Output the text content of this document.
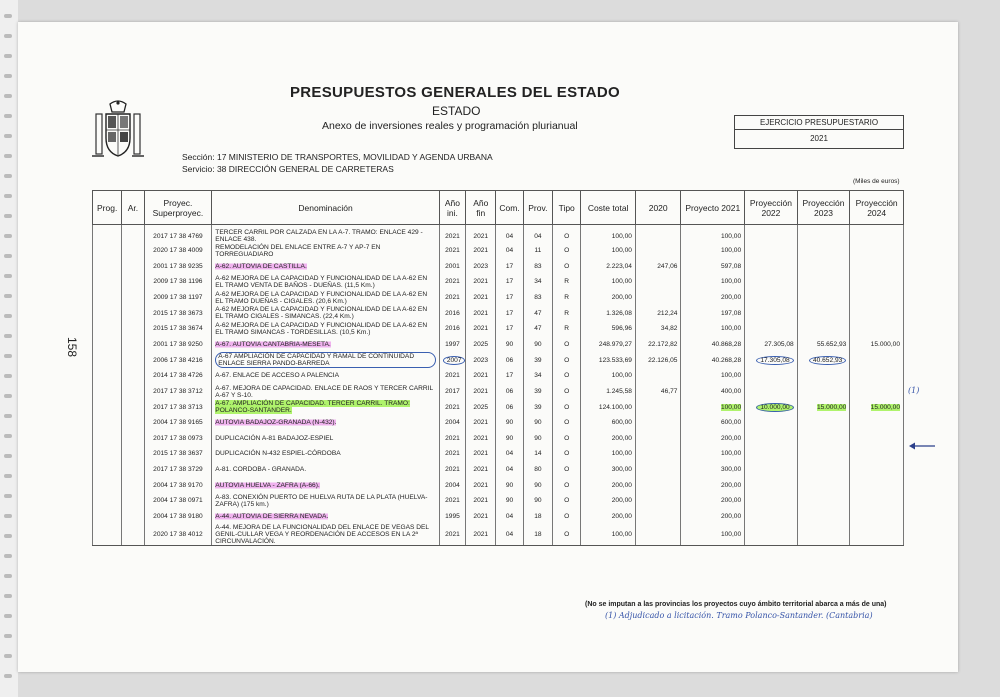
158
PRESUPUESTOS GENERALES DEL ESTADO
ESTADO
Anexo de inversiones reales y programación plurianual	EJERCICIO PRESUPUESTARIO
2021
Sección: 17 MINISTERIO DE TRANSPORTES, MOVILIDAD Y AGENDA URBANA
Servicio: 38 DIRECCIÓN GENERAL DE CARRETERAS
(Miles de euros)
Prog.	Ar.	Proyec. Superproyec.	Denominación	Año ini.	Año fin	Com.	Prov.	Tipo	Coste total	2020	Proyecto 2021	Proyección 2022	Proyección 2023	Proyección 2024
		2017 17 38 4769	TERCER CARRIL POR CALZADA EN LA A-7. TRAMO: ENLACE 429 - ENLACE 438.	2021	2021	04	04	O	100,00		100,00			
		2020 17 38 4009	REMODELACIÓN DEL ENLACE ENTRE A-7 Y AP-7 EN TORREGUADIARO	2021	2021	04	11	O	100,00		100,00			
		2001 17 38 9235	A-62. AUTOVIA DE CASTILLA.	2001	2023	17	83	O	2.223,04	247,06	597,08			
		2009 17 38 1196	A-62 MEJORA DE LA CAPACIDAD Y FUNCIONALIDAD DE LA A-62 EN EL TRAMO VENTA DE BAÑOS - DUEÑAS. (11,5 Km.)	2021	2021	17	34	R	100,00		100,00			
		2009 17 38 1197	A-62 MEJORA DE LA CAPACIDAD Y FUNCIONALIDAD DE LA A-62 EN EL TRAMO DUEÑAS - CIGALES. (20,6 Km.)	2021	2021	17	83	R	200,00		200,00			
		2015 17 38 3673	A-62 MEJORA DE LA CAPACIDAD Y FUNCIONALIDAD DE LA A-62 EN EL TRAMO CIGALES - SIMANCAS. (22,4 Km.)	2016	2021	17	47	R	1.326,08	212,24	197,08			
		2015 17 38 3674	A-62 MEJORA DE LA CAPACIDAD Y FUNCIONALIDAD DE LA A-62 EN EL TRAMO SIMANCAS - TORDESILLAS. (10,5 Km.)	2016	2021	17	47	R	596,96	34,82	100,00			
		2001 17 38 9250	A-67. AUTOVIA CANTABRIA-MESETA.	1997	2025	90	90	O	248.979,27	22.172,82	40.868,28	27.305,08	55.652,93	15.000,00
		2006 17 38 4216	A-67 AMPLIACIÓN DE CAPACIDAD Y RAMAL DE CONTINUIDAD ENLACE SIERRA PANDO-BARREDA	2007	2023	06	39	O	123.533,69	22.126,05	40.268,28	17.305,08	40.652,93	
		2014 17 38 4726	A-67. ENLACE DE ACCESO A PALENCIA	2021	2021	17	34	O	100,00		100,00			
		2017 17 38 3712	A-67. MEJORA DE CAPACIDAD. ENLACE DE RAOS Y TERCER CARRIL A-67 Y S-10.	2017	2021	06	39	O	1.245,58	46,77	400,00			
		2017 17 38 3713	A-67. AMPLIACIÓN DE CAPACIDAD. TERCER CARRIL. TRAMO: POLANCO-SANTANDER.	2021	2025	06	39	O	124.100,00		100,00	10.000,00	15.000,00	15.000,00
		2004 17 38 9165	AUTOVIA BADAJOZ-GRANADA (N-432).	2004	2021	90	90	O	600,00		600,00			
		2017 17 38 0973	DUPLICACIÓN A-81 BADAJOZ-ESPIEL	2021	2021	90	90	O	200,00		200,00			
		2015 17 38 3637	DUPLICACIÓN N-432 ESPIEL-CÓRDOBA	2021	2021	04	14	O	100,00		100,00			
		2017 17 38 3729	A-81. CORDOBA - GRANADA.	2021	2021	04	80	O	300,00		300,00			
		2004 17 38 9170	AUTOVIA HUELVA - ZAFRA (A-66).	2004	2021	90	90	O	200,00		200,00			
		2004 17 38 0971	A-83. CONEXIÓN PUERTO DE HUELVA RUTA DE LA PLATA (HUELVA-ZAFRA) (175 km.)	2021	2021	90	90	O	200,00		200,00			
		2004 17 38 9180	A-44. AUTOVIA DE SIERRA NEVADA.	1995	2021	04	18	O	200,00		200,00			
		2020 17 38 4012	A-44. MEJORA DE LA FUNCIONALIDAD DEL ENLACE DE VEGAS DEL GENIL-CULLAR VEGA Y REORDENACIÓN DE ACCESOS EN LA 2ª CIRCUNVALACIÓN.	2021	2021	04	18	O	100,00		100,00			
(No se imputan a las provincias los proyectos cuyo ámbito territorial abarca a más de una)
(1)
(1) Adjudicado a licitación. Tramo Polanco-Santander. (Cantabria)
